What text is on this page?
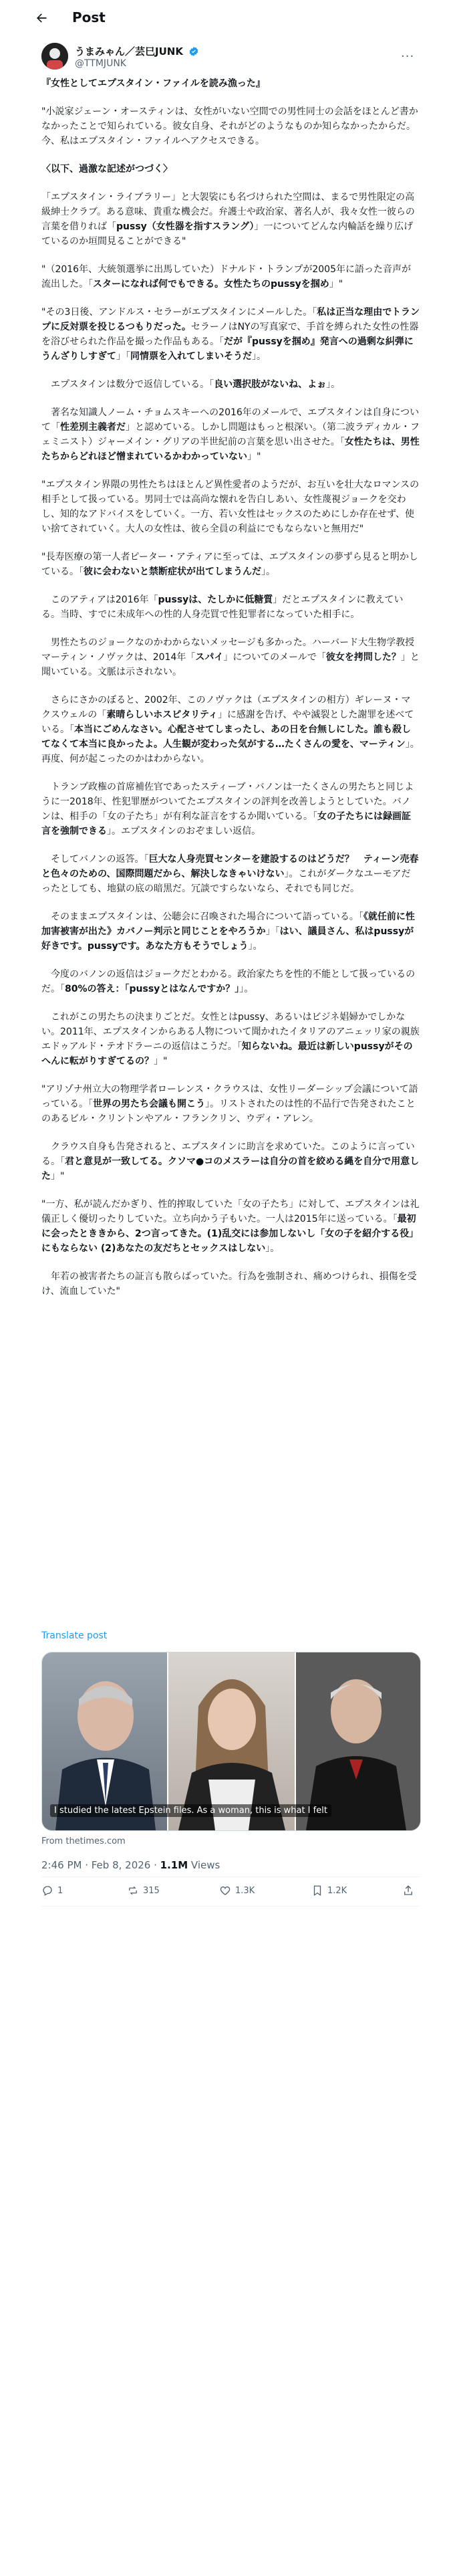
Post
うまみゃん／芸巳JUNK
@TTMJUNK	···

『女性としてエプスタイン・ファイルを読み漁った』

"小説家ジェーン・オースティンは、女性がいない空間での男性同士の会話をほとんど書かなかったことで知られている。彼女自身、それがどのようなものか知らなかったからだ。今、私はエプスタイン・ファイルへアクセスできる。

〈以下、過激な記述がつづく〉

「エプスタイン・ライブラリー」と大袈裟にも名づけられた空間は、まるで男性限定の高級紳士クラブ。ある意味、貴重な機会だ。弁護士や政治家、著名人が、我々女性一彼らの言葉を借りれば「pussy（女性器を指すスラング）」一についてどんな内輪話を繰り広げているのか垣間見ることができる"

"（2016年、大統領選挙に出馬していた）ドナルド・トランプが2005年に語った音声が流出した。「スターになれば何でもできる。女性たちのpussyを掴め」"

"その3日後、アンドルス・セラーがエプスタインにメールした。「私は正当な理由でトランプに反対票を投じるつもりだった。セラーノはNYの写真家で、手首を縛られた女性の性器を浴びせられた作品を撮った作品もある。「だが『pussyを掴め』発言への過剰な糾弾にうんざりしすぎて」「同情票を入れてしまいそうだ」。

　エプスタインは数分で返信している。「良い選択肢がないね、よぉ」。

　著名な知識人ノーム・チョムスキーへの2016年のメールで、エプスタインは自身について「性差別主義者だ」と認めている。しかし問題はもっと根深い。（第二波ラディカル・フェミニスト）ジャーメイン・グリアの半世紀前の言葉を思い出させた。「女性たちは、男性たちからどれほど憎まれているかわかっていない」"

"エプスタイン界隈の男性たちはほとんど異性愛者のようだが、お互いを壮大なロマンスの相手として扱っている。男同士では高尚な懐れを告白しあい、女性蔑視ジョークを交わし、知的なアドバイスをしていく。一方、若い女性はセックスのためにしか存在せず、使い捨てされていく。大人の女性は、彼ら全員の利益にでもならないと無用だ"

"長寿医療の第一人者ピーター・アティアに至っては、エプスタインの夢ずら見ると明かしている。「彼に会わないと禁断症状が出てしまうんだ」。

　このアティアは2016年「pussyは、たしかに低糖質」だとエプスタインに教えている。当時、すでに未成年への性的人身売買で性犯罪者になっていた相手に。

　男性たちのジョークなのかわからないメッセージも多かった。ハーバード大生物学教授マーティン・ノヴァクは、2014年「スパイ」についてのメールで「彼女を拷問した？」と聞いている。文脈は示されない。

　さらにさかのぼると、2002年、このノヴァクは（エプスタインの相方）ギレーヌ・マクスウェルの「素晴らしいホスピタリティ」に感謝を告げ、やや滅裂とした謝罪を述べている。「本当にごめんなさい。心配させてしまったし、あの日を台無しにした。誰も殺してなくて本当に良かったよ。人生観が変わった気がする…たくさんの愛を、マーティン」。再度、何が起こったのかはわからない。

　トランプ政権の首席補佐官であったスティーブ・バノンは一たくさんの男たちと同じように一2018年、性犯罪歴がついてたエプスタインの評判を改善しようとしていた。バノンは、相手の「女の子たち」が有利な証言をするか聞いている。「女の子たちには録画証言を強制できる」。エプスタインのおぞましい返信。

　そしてバノンの返答。「巨大な人身売買センターを建設するのはどうだ？　ティーン売春と色々のための、国際問題だから、解決しなきゃいけない」。これがダークなユーモアだったとしても、地獄の底の暗黒だ。冗談ですらないなら、それでも同じだ。

　そのままエプスタインは、公聴会に召喚された場合について語っている。「《就任前に性加害被害が出た》カバノー判示と同じことをやろうか」「はい、議員さん、私はpussyが好きです。pussyです。あなた方もそうでしょう」。

　今度のバノンの返信はジョークだとわかる。政治家たちを性的不能として扱っているのだ。「80%の答え：「pussyとはなんですか？」」。

　これがこの男たちの決まりごとだ。女性とはpussy、あるいはビジネ娼婦かでしかない。2011年、エプスタインからある人物について聞かれたイタリアのアニェッリ家の親族エドゥアルド・テオドラーニの返信はこうだ。「知らないね。最近は新しいpussyがそのへんに転がりすぎてるの？」"

"アリゾナ州立大の物理学者ローレンス・クラウスは、女性リーダーシップ会議について語っている。「世界の男たち会議も開こう」。リストされたのは性的不品行で告発されたことのあるビル・クリントンやアル・フランクリン、ウディ・アレン。

　クラウス自身も告発されると、エプスタインに助言を求めていた。このように言っている。「君と意見が一致してる。クソマ●コのメスラーは自分の首を絞める縄を自分で用意した」"

"一方、私が読んだかぎり、性的搾取していた「女の子たち」に対して、エプスタインは礼儀正しく優切ったりしていた。立ち向かう子もいた。一人は2015年に送っている。「最初に会ったとききから、2つ言ってきた。(1)乱交には参加しないし「女の子を紹介する役」にもならない (2)あなたの友だちとセックスはしない」。

　年若の被害者たちの証言も散らばっていた。行為を強制され、痛めつけられ、損傷を受け、流血していた"

Translate post
I studied the latest Epstein files. As a woman, this is what I felt
From thetimes.com
2:46 PM · Feb 8, 2026 · 1.1M Views
1	315	1.3K	1.2K
